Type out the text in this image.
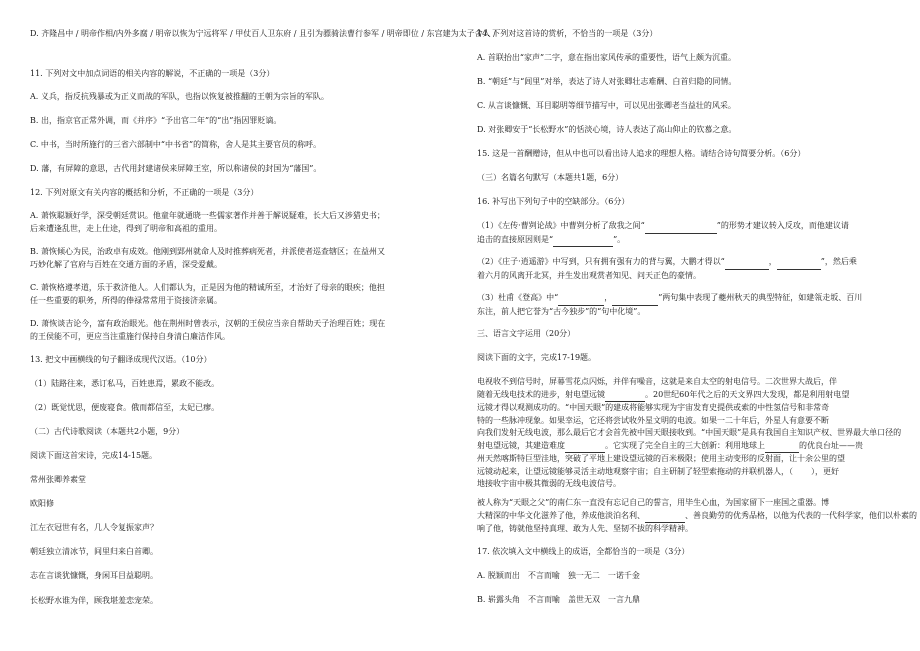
D. 齐隆昌中 / 明帝作相/内外多腐 / 明帝以恢为宁远将军 / 甲仗百人卫东府 / 且引为骠骑法曹行参军 / 明帝即位 / 东宫建为太子舍人 /
11. 下列对文中加点词语的相关内容的解说，不正确的一项是（3分）
A. 义兵，指反抗残暴或为正义而战的军队，也指以恢复被推翻的王朝为宗旨的军队。
B. 出，指京官正常外调，而《并序》“予出官二年”的“出”指因罪贬谪。
C. 中书，当时所施行的三省六部制中“中书省”的简称，舍人是其主要官员的称呼。
D. 藩，有屏障的意思，古代用封建诸侯来屏障王室，所以称诸侯的封国为“藩国”。
12. 下列对原文有关内容的概括和分析，不正确的一项是（3分）
A. 萧恢聪颖好学，深受朝廷赏识。他童年就通晓一些儒家著作并善于解说疑难，长大后又涉猎史书；
后来遭逢乱世，走上仕途，得到了明帝和高祖的重用。
B. 萧恢倾心为民，治政卓有成效。他刚到郢州就命人及时推葬病死者，并派使者巡查辖区；在益州又
巧妙化解了官府与百姓在交通方面的矛盾，深受爱戴。
C. 萧恢格遵孝道，乐于救济他人。人们都认为，正是因为他的精诚所至，才治好了母亲的眼疾；他担
任一些重要的职务，所得的俸禄常常用于资接济亲属。
D. 萧恢谈吉论今，富有政治眼光。他在荆州时曾表示，汉朝的王侯应当亲自帮助天子治理百姓；现在
的王侯能不可，更应当注重施行保持自身清白廉洁作风。
13. 把文中画横线的句子翻译成现代汉语。（10分）
（1）陆路往来，悉订私马，百姓患焉，累政不能改。
（2）既觉忧思，便废寝食。俄而都信至，太妃已瘳。
（二）古代诗歌阅读（本题共2小题，9分）
阅读下面这首宋诗，完成14-15题。
常州张卿养素堂
欧阳修
江左衣冠世有名，几人令复振家声？
朝廷独立清冰节，间里归来白首卿。
志在言谈犹慷慨，身闲耳目益聪明。
长松野水谁为伴，顾我堪羞恋宠荣。
14. 下列对这首诗的赏析，不恰当的一项是（3分）
A. 首联抬出“家声”二字，意在指出家风传承的重要性，语气上颇为沉重。
B. “朝廷”与“闾里”对举，表达了诗人对张卿壮志难酬、白首归隐的同情。
C. 从言谈慷慨、耳目聪明等细节描写中，可以见出张卿老当益壮的风采。
D. 对张卿安于“长松野水”的恬淡心境，诗人表达了高山仰止的钦慕之意。
15. 这是一首酬赠诗，但从中也可以看出诗人追求的理想人格。请结合诗句简要分析。（6分）
（三）名篇名句默写（本题共1题，6分）
16. 补写出下列句子中的空缺部分。（6分）
（1）《左传·曹刿论战》中曹刿分析了敌我之间“	”的形势才建议转入反攻，而他建议请
追击的直接原因则是“	”。
（2）《庄子·逍遥游》中写到，只有拥有强有力的背与翼，大鹏才得以“	，	”，然后乘
着六月的风离开北冥，并生发出观赏者知见、问天正色的豪情。
（3）杜甫《登高》中“	，	”两句集中表现了夔州秋天的典型特征，如建瓴走坂、百川
东注，前人把它誉为“古今独步”的“句中化境”。
三、语言文字运用（20分）
阅读下面的文字，完成17-19题。
电视收不到信号时，屏幕雪花点闪烁，并伴有噪音，这就是来自太空的射电信号。二次世界大战后，伴
随着无线电技术的进步，射电望远镜	。20世纪60年代之后的天文界四大发现，都是利用射电望
远镜才得以观测成功的。“中国天眼”的建成将能够实现为宇宙发育史提供或索的中性氢信号和非常奇
特的一些脉冲现象。如果幸运，它还将尝试收外星文明的电波。如果一二十年后，外星人有意要不断
向我们发射无线电波，那么最后它才会首先被中国天眼接收到。“中国天眼”是具有我国自主知识产权、世界最大单口径的
射电望远镜，其建造难度	。它实现了完全自主的三大创新：利用地球上	的优良台址——贵
州天然喀斯特巨型洼地，突破了平地上建设望远镜的百米极限；使用主动变形的反射面，让十余公里的望
远镜动起来，让望远镜能够灵活主动地观察宇宙；自主研制了轻型索拖动的并联机器人，（ ），更好
地接收宇宙中极其微弱的无线电波信号。
被人称为“天眼之父”的南仁东一直没有忘记自己的誓言，用毕生心血，为国家留下一座国之重器。博
大精深的中华文化滋养了他，养成他淡泊名利、	、善良勤劳的优秀品格，以他为代表的一代科学家，他们以朴素的
响了他，铸就他坚持真理、敢为人先、坚韧不拔的科学精神。
17. 依次填入文中横线上的成语，全都恰当的一项是（3分）
A. 脱颖而出　不言而喻　独一无二　一诺千金
B. 崭露头角　不言而喻　盖世无双　一言九鼎
